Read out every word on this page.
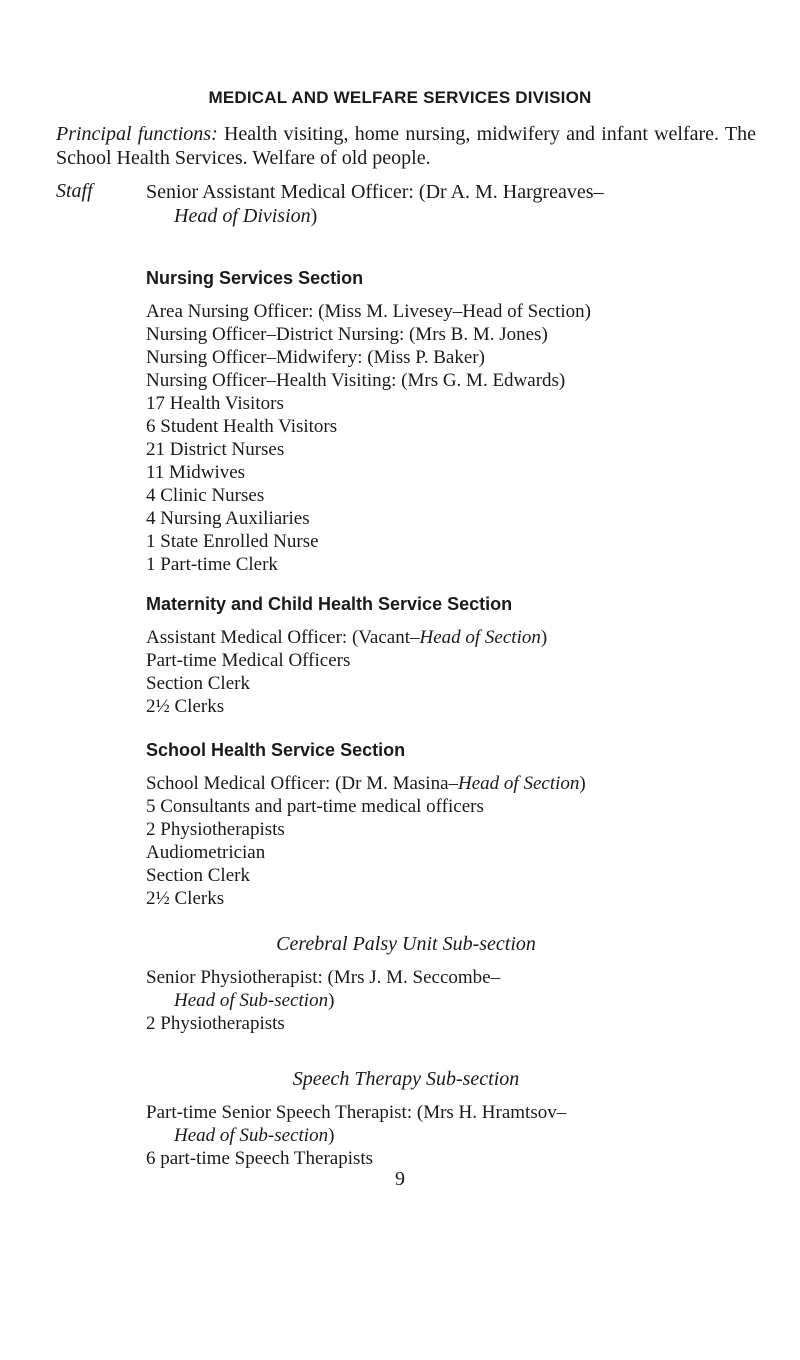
MEDICAL AND WELFARE SERVICES DIVISION
Principal functions: Health visiting, home nursing, midwifery and infant welfare. The School Health Services. Welfare of old people.
Staff	Senior Assistant Medical Officer: (Dr A. M. Hargreaves–
Head of Division)
Nursing Services Section
Area Nursing Officer: (Miss M. Livesey–Head of Section)
Nursing Officer–District Nursing: (Mrs B. M. Jones)
Nursing Officer–Midwifery: (Miss P. Baker)
Nursing Officer–Health Visiting: (Mrs G. M. Edwards)
17 Health Visitors
6 Student Health Visitors
21 District Nurses
11 Midwives
4 Clinic Nurses
4 Nursing Auxiliaries
1 State Enrolled Nurse
1 Part-time Clerk
Maternity and Child Health Service Section
Assistant Medical Officer: (Vacant–Head of Section)
Part-time Medical Officers
Section Clerk
2½ Clerks
School Health Service Section
School Medical Officer: (Dr M. Masina–Head of Section)
5 Consultants and part-time medical officers
2 Physiotherapists
Audiometrician
Section Clerk
2½ Clerks
Cerebral Palsy Unit Sub-section
Senior Physiotherapist: (Mrs J. M. Seccombe–
Head of Sub-section)
2 Physiotherapists
Speech Therapy Sub-section
Part-time Senior Speech Therapist: (Mrs H. Hramtsov–
Head of Sub-section)
6 part-time Speech Therapists
9
